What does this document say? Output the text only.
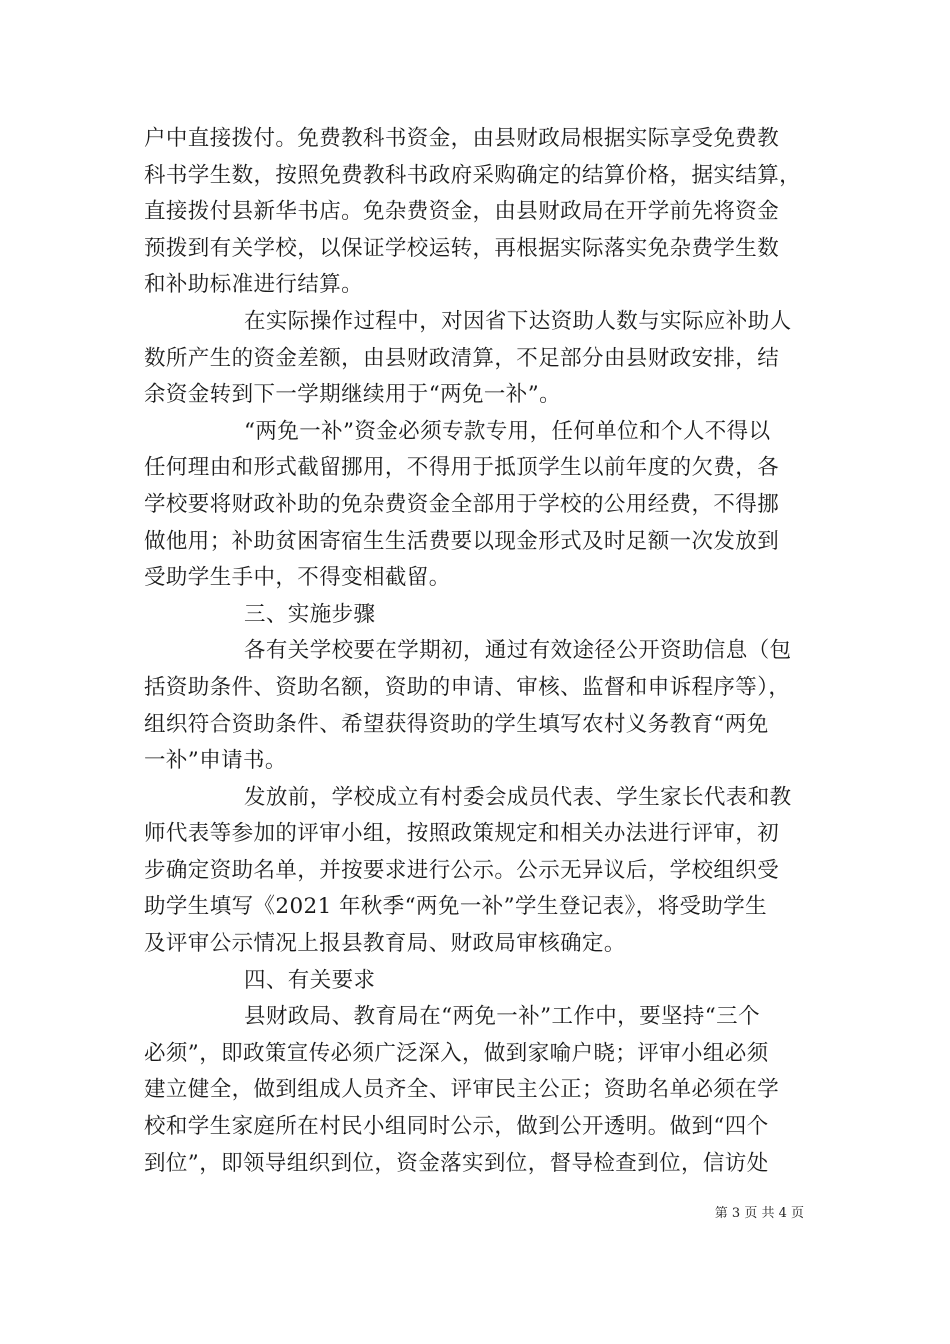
户中直接拨付。免费教科书资金，由县财政局根据实际享受免费教
科书学生数，按照免费教科书政府采购确定的结算价格，据实结算，
直接拨付县新华书店。免杂费资金，由县财政局在开学前先将资金
预拨到有关学校，以保证学校运转，再根据实际落实免杂费学生数
和补助标准进行结算。

在实际操作过程中，对因省下达资助人数与实际应补助人
数所产生的资金差额，由县财政清算，不足部分由县财政安排，结
余资金转到下一学期继续用于“两免一补”。

“两免一补”资金必须专款专用，任何单位和个人不得以
任何理由和形式截留挪用，不得用于抵顶学生以前年度的欠费，各
学校要将财政补助的免杂费资金全部用于学校的公用经费，不得挪
做他用；补助贫困寄宿生生活费要以现金形式及时足额一次发放到
受助学生手中，不得变相截留。

三、实施步骤

各有关学校要在学期初，通过有效途径公开资助信息（包
括资助条件、资助名额，资助的申请、审核、监督和申诉程序等），
组织符合资助条件、希望获得资助的学生填写农村义务教育“两免
一补”申请书。

发放前，学校成立有村委会成员代表、学生家长代表和教
师代表等参加的评审小组，按照政策规定和相关办法进行评审，初
步确定资助名单，并按要求进行公示。公示无异议后，学校组织受
助学生填写《2021 年秋季“两免一补”学生登记表》，将受助学生
及评审公示情况上报县教育局、财政局审核确定。

四、有关要求

县财政局、教育局在“两免一补”工作中，要坚持“三个
必须”，即政策宣传必须广泛深入，做到家喻户晓；评审小组必须
建立健全，做到组成人员齐全、评审民主公正；资助名单必须在学
校和学生家庭所在村民小组同时公示，做到公开透明。做到“四个
到位”，即领导组织到位，资金落实到位，督导检查到位，信访处

第 3 页 共 4 页
